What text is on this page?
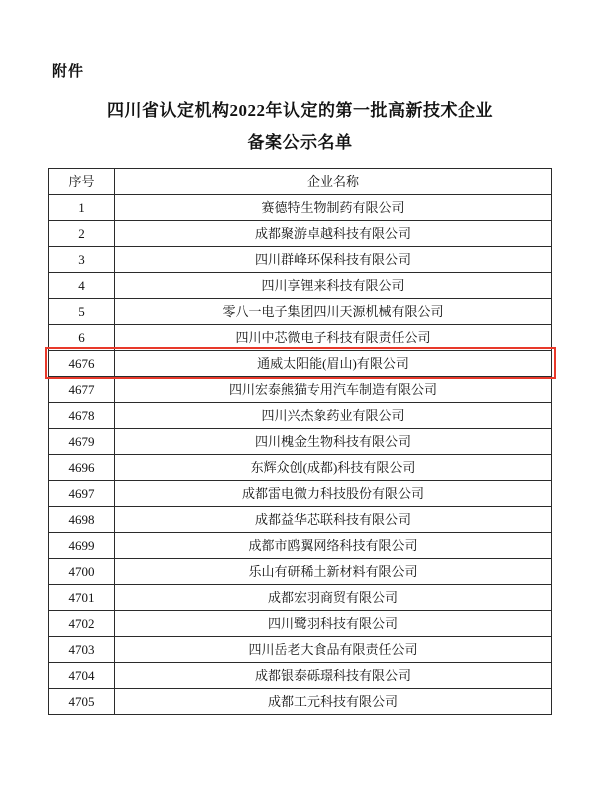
附件
四川省认定机构2022年认定的第一批高新技术企业
备案公示名单
序号	企业名称
1	赛德特生物制药有限公司
2	成都聚游卓越科技有限公司
3	四川群峰环保科技有限公司
4	四川享锂来科技有限公司
5	零八一电子集团四川天源机械有限公司
6	四川中芯微电子科技有限责任公司
4676	通威太阳能(眉山)有限公司
4677	四川宏泰熊猫专用汽车制造有限公司
4678	四川兴杰象药业有限公司
4679	四川槐金生物科技有限公司
4696	东辉众创(成都)科技有限公司
4697	成都雷电微力科技股份有限公司
4698	成都益华芯联科技有限公司
4699	成都市鸥翼网络科技有限公司
4700	乐山有研稀土新材料有限公司
4701	成都宏羽商贸有限公司
4702	四川鹭羽科技有限公司
4703	四川岳老大食品有限责任公司
4704	成都银泰砾璟科技有限公司
4705	成都工元科技有限公司
